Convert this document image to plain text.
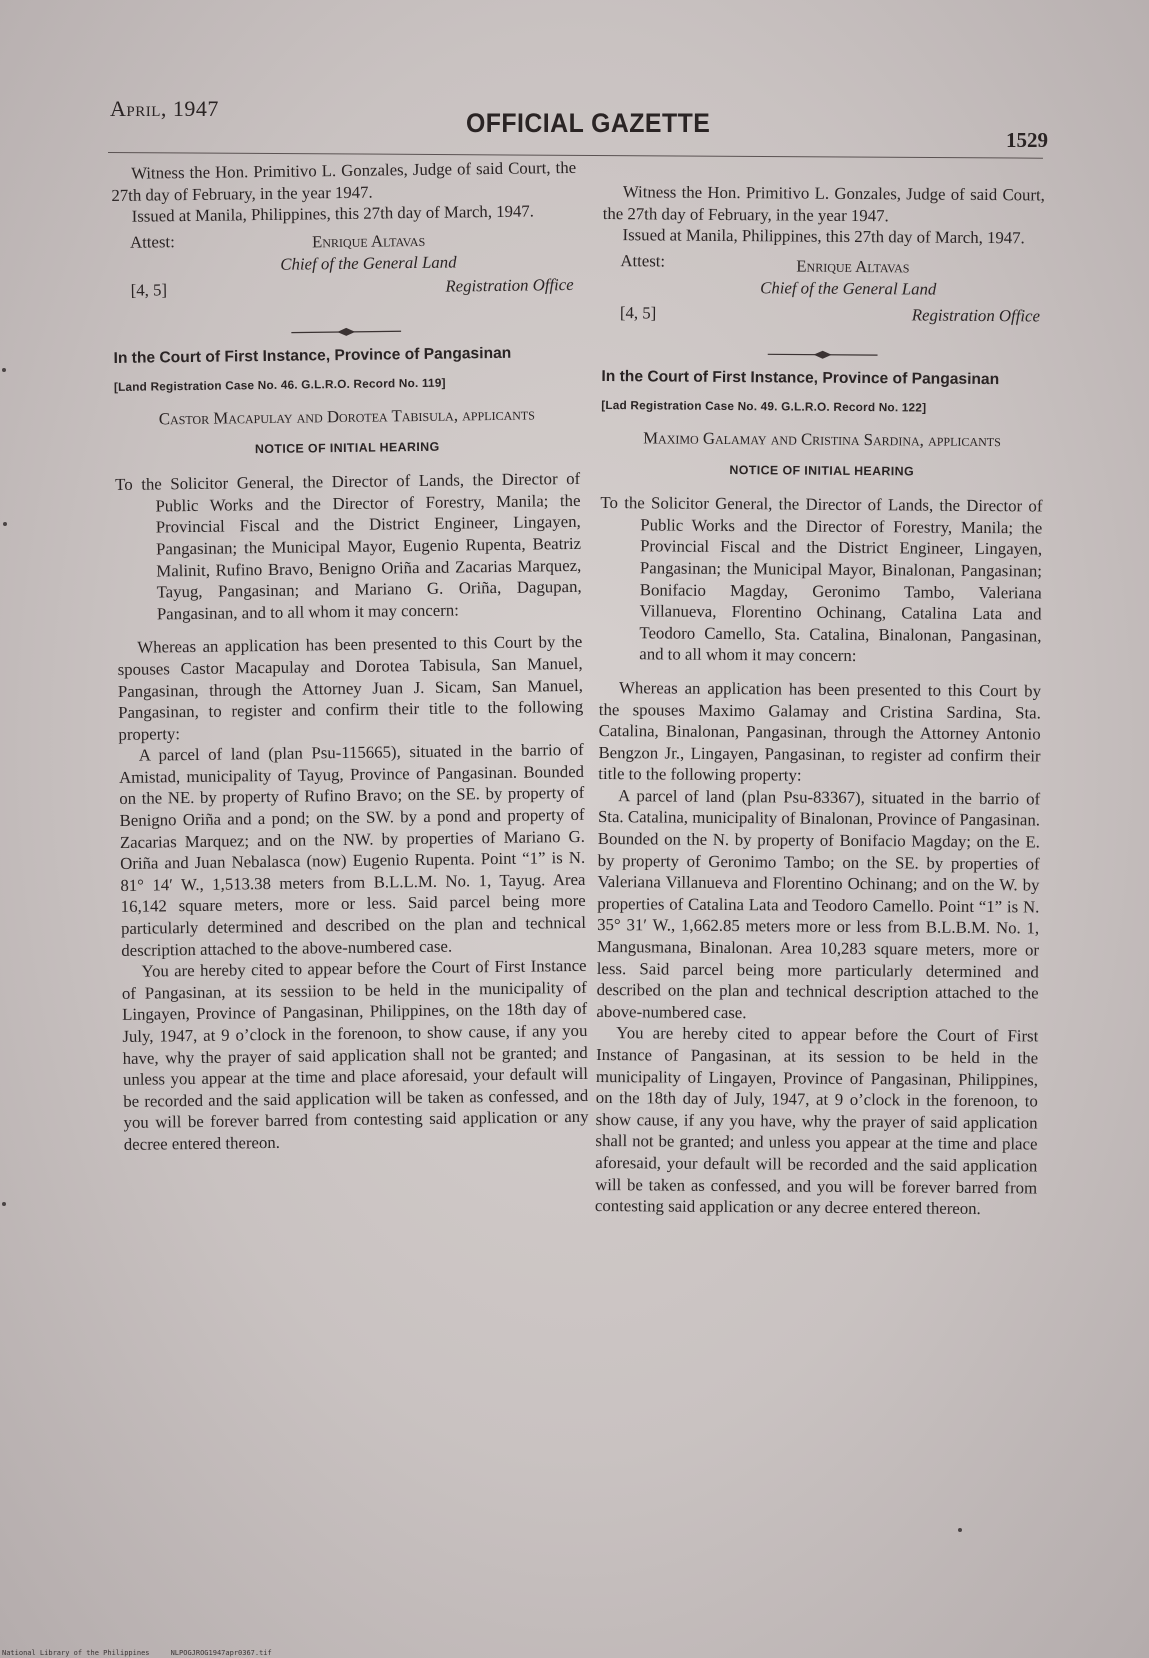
April, 1947	OFFICIAL GAZETTE
1529

Witness the Hon. Primitivo L. Gonzales, Judge of said Court, the 27th day of February, in the year 1947.

Issued at Manila, Philippines, this 27th day of March, 1947.

Attest:	Enrique Altavas
Chief of the General Land
[4, 5]	Registration Office
In the Court of First Instance, Province of Pangasinan
[Land Registration Case No. 46. G.L.R.O. Record No. 119]
Castor Macapulay and Dorotea Tabisula, applicants
NOTICE OF INITIAL HEARING

To the Solicitor General, the Director of Lands, the Director of Public Works and the Director of Forestry, Manila; the Provincial Fiscal and the District Engineer, Lingayen, Pangasinan; the Municipal Mayor, Eugenio Rupenta, Beatriz Malinit, Rufino Bravo, Benigno Oriña and Zacarias Marquez, Tayug, Pangasinan; and Mariano G. Oriña, Dagupan, Pangasinan, and to all whom it may concern:

Whereas an application has been presented to this Court by the spouses Castor Macapulay and Dorotea Tabisula, San Manuel, Pangasinan, through the Attorney Juan J. Sicam, San Manuel, Pangasinan, to register and confirm their title to the following property:

A parcel of land (plan Psu-115665), situated in the barrio of Amistad, municipality of Tayug, Province of Pangasinan. Bounded on the NE. by property of Rufino Bravo; on the SE. by property of Benigno Oriña and a pond; on the SW. by a pond and property of Zacarias Marquez; and on the NW. by properties of Mariano G. Oriña and Juan Nebalasca (now) Eugenio Rupenta. Point “1” is N. 81° 14′ W., 1,513.38 meters from B.L.L.M. No. 1, Tayug. Area 16,142 square meters, more or less. Said parcel being more particularly determined and described on the plan and technical description attached to the above-numbered case.

You are hereby cited to appear before the Court of First Instance of Pangasinan, at its sessiion to be held in the municipality of Lingayen, Province of Pangasinan, Philippines, on the 18th day of July, 1947, at 9 o’clock in the forenoon, to show cause, if any you have, why the prayer of said application shall not be granted; and unless you appear at the time and place aforesaid, your default will be recorded and the said application will be taken as confessed, and you will be forever barred from contesting said application or any decree entered thereon.

Witness the Hon. Primitivo L. Gonzales, Judge of said Court, the 27th day of February, in the year 1947.

Issued at Manila, Philippines, this 27th day of March, 1947.

Attest:	Enrique Altavas
Chief of the General Land
[4, 5]	Registration Office
In the Court of First Instance, Province of Pangasinan
[Lad Registration Case No. 49. G.L.R.O. Record No. 122]
Maximo Galamay and Cristina Sardina, applicants
NOTICE OF INITIAL HEARING

To the Solicitor General, the Director of Lands, the Director of Public Works and the Director of Forestry, Manila; the Provincial Fiscal and the District Engineer, Lingayen, Pangasinan; the Municipal Mayor, Binalonan, Pangasinan; Bonifacio Magday, Geronimo Tambo, Valeriana Villanueva, Florentino Ochinang, Catalina Lata and Teodoro Camello, Sta. Catalina, Binalonan, Pangasinan, and to all whom it may concern:

Whereas an application has been presented to this Court by the spouses Maximo Galamay and Cristina Sardina, Sta. Catalina, Binalonan, Pangasinan, through the Attorney Antonio Bengzon Jr., Lingayen, Pangasinan, to register ad confirm their title to the following property:

A parcel of land (plan Psu-83367), situated in the barrio of Sta. Catalina, municipality of Binalonan, Province of Pangasinan. Bounded on the N. by property of Bonifacio Magday; on the E. by property of Geronimo Tambo; on the SE. by properties of Valeriana Villanueva and Florentino Ochinang; and on the W. by properties of Catalina Lata and Teodoro Camello. Point “1” is N. 35° 31′ W., 1,662.85 meters more or less from B.L.B.M. No. 1, Mangusmana, Binalonan. Area 10,283 square meters, more or less. Said parcel being more particularly determined and described on the plan and technical description attached to the above-numbered case.

You are hereby cited to appear before the Court of First Instance of Pangasinan, at its session to be held in the municipality of Lingayen, Province of Pangasinan, Philippines, on the 18th day of July, 1947, at 9 o’clock in the forenoon, to show cause, if any you have, why the prayer of said application shall not be granted; and unless you appear at the time and place aforesaid, your default will be recorded and the said application will be taken as confessed, and you will be forever barred from contesting said application or any decree entered thereon.

National Library of the Philippines	NLPOGJROG1947apr0367.tif
